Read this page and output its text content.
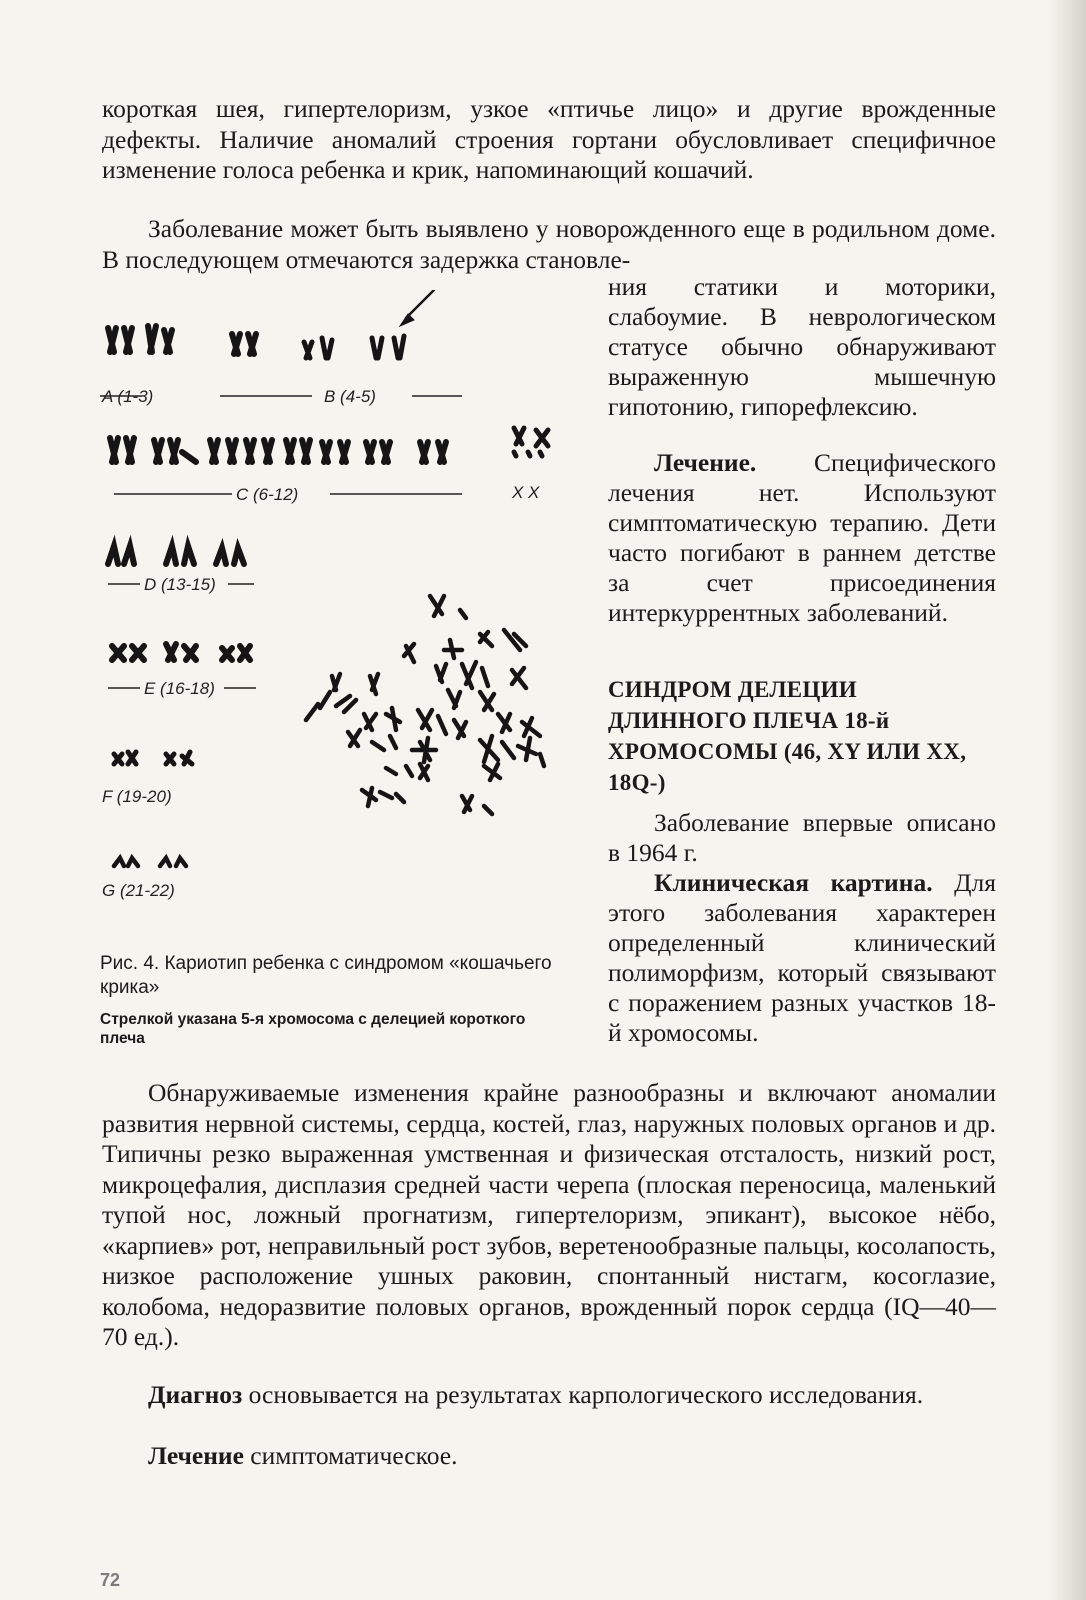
короткая шея, гипертелоризм, узкое «птичье лицо» и другие врожденные дефекты. Наличие аномалий строения гортани обусловливает специфичное изменение голоса ребенка и крик, напоминающий кошачий.

Заболевание может быть выявлено у новорожденного еще в родильном доме. В последующем отмечаются задержка становле-

ния статики и моторики, слабоумие. В неврологическом статусе обычно обнаруживают выраженную мышечную гипотонию, гипорефлексию.

Лечение. Специфического лечения нет. Используют симптоматическую терапию. Дети часто погибают в раннем детстве за счет присоединения интеркуррентных заболеваний.

СИНДРОМ ДЕЛЕЦИИ ДЛИННОГО ПЛЕЧА 18-й ХРОМОСОМЫ (46, XY ИЛИ XX, 18Q-)

Заболевание впервые описано в 1964 г.

Клиническая картина. Для этого заболевания характерен определенный клинический полиморфизм, который связывают с поражением разных участков 18-й хромосомы.

A (1-3)	B (4-5)
C (6-12)	X X
D (13-15)
E (16-18)
F (19-20)
G (21-22)

Рис. 4. Кариотип ребенка с синдромом «кошачьего крика»

Стрелкой указана 5-я хромосома с делецией короткого плеча

Обнаруживаемые изменения крайне разнообразны и включают аномалии развития нервной системы, сердца, костей, глаз, наружных половых органов и др. Типичны резко выраженная умственная и физическая отсталость, низкий рост, микроцефалия, дисплазия средней части черепа (плоская переносица, маленький тупой нос, ложный прогнатизм, гипертелоризм, эпикант), высокое нёбо, «карпиев» рот, неправильный рост зубов, веретенообразные пальцы, косолапость, низкое расположение ушных раковин, спонтанный нистагм, косоглазие, колобома, недоразвитие половых органов, врожденный порок сердца (IQ—40—70 ед.).

Диагноз основывается на результатах карпологического исследования.

Лечение симптоматическое.

72
